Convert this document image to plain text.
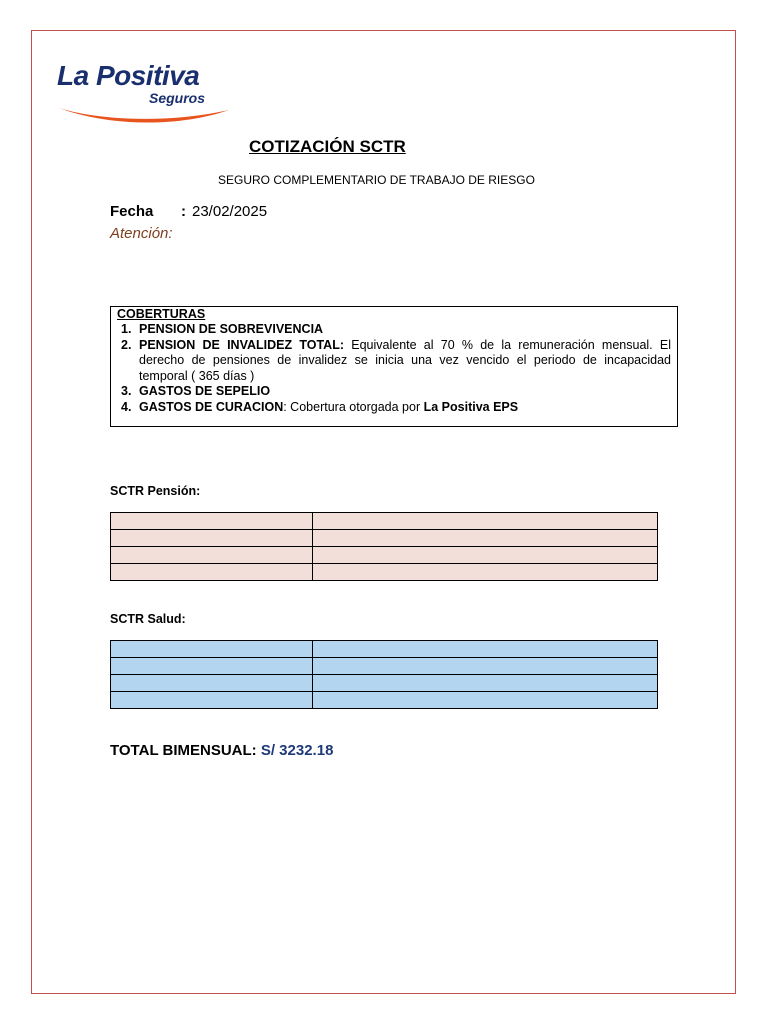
La Positiva
Seguros
COTIZACIÓN SCTR
SEGURO COMPLEMENTARIO DE TRABAJO DE RIESGO
Fecha : 23/02/2025
Atención:
COBERTURAS
1. PENSION DE SOBREVIVENCIA
2. PENSION DE INVALIDEZ TOTAL: Equivalente al 70 % de la remuneración mensual. El derecho de pensiones de invalidez se inicia una vez vencido el periodo de incapacidad temporal ( 365 días )
3. GASTOS DE SEPELIO
4. GASTOS DE CURACION: Cobertura otorgada por La Positiva EPS
SCTR Pensión:

SCTR Salud:

TOTAL BIMENSUAL: S/ 3232.18
